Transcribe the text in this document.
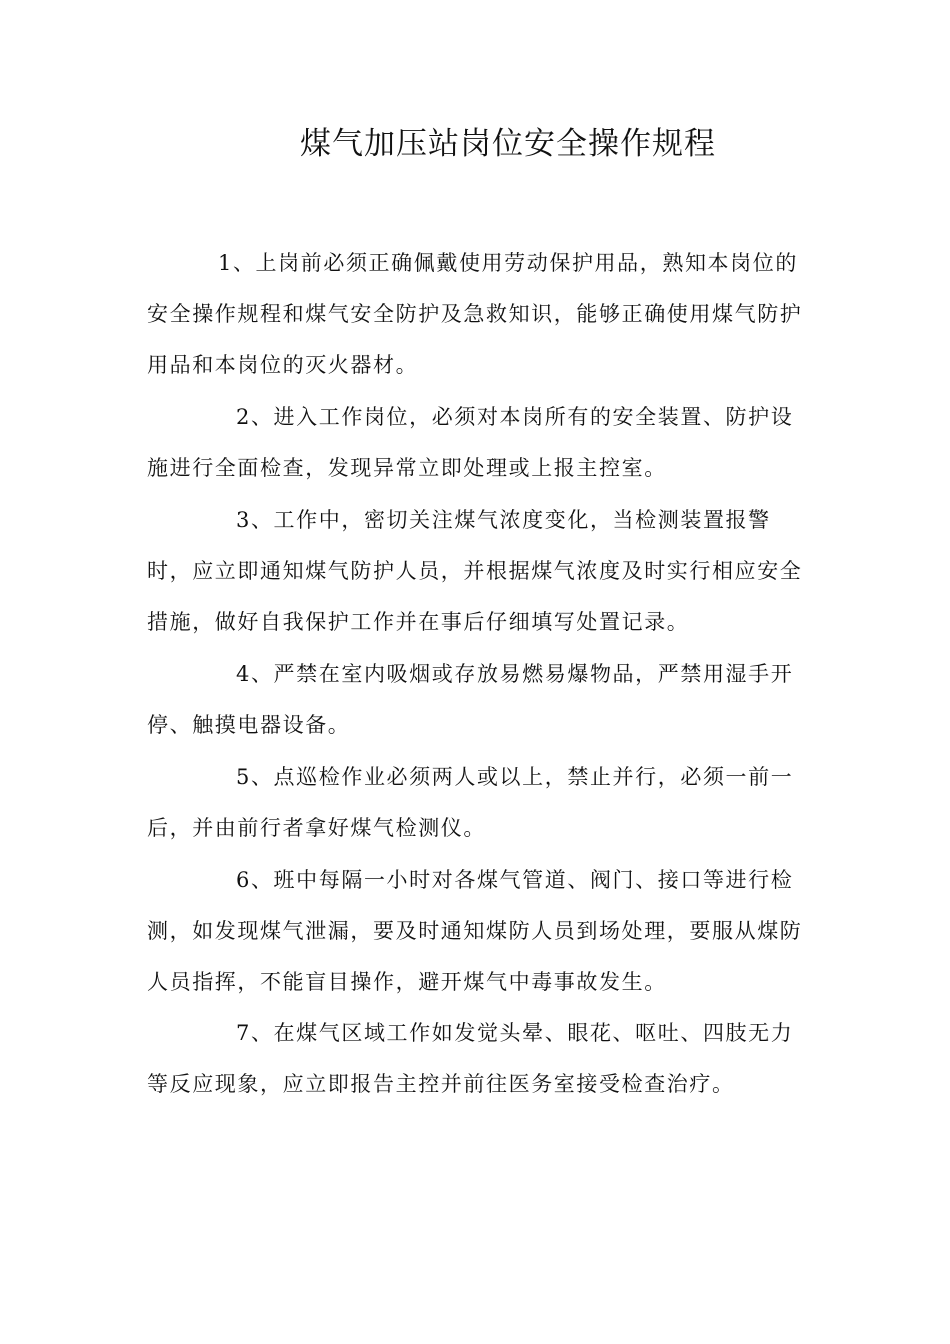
煤气加压站岗位安全操作规程

1、上岗前必须正确佩戴使用劳动保护用品，熟知本岗位的

安全操作规程和煤气安全防护及急救知识，能够正确使用煤气防护

用品和本岗位的灭火器材。

2、进入工作岗位，必须对本岗所有的安全装置、防护设

施进行全面检查，发现异常立即处理或上报主控室。

3、工作中，密切关注煤气浓度变化，当检测装置报警

时，应立即通知煤气防护人员，并根据煤气浓度及时实行相应安全

措施，做好自我保护工作并在事后仔细填写处置记录。

4、严禁在室内吸烟或存放易燃易爆物品，严禁用湿手开

停、触摸电器设备。

5、点巡检作业必须两人或以上，禁止并行，必须一前一

后，并由前行者拿好煤气检测仪。

6、班中每隔一小时对各煤气管道、阀门、接口等进行检

测，如发现煤气泄漏，要及时通知煤防人员到场处理，要服从煤防

人员指挥，不能盲目操作，避开煤气中毒事故发生。

7、在煤气区域工作如发觉头晕、眼花、呕吐、四肢无力

等反应现象，应立即报告主控并前往医务室接受检查治疗。
